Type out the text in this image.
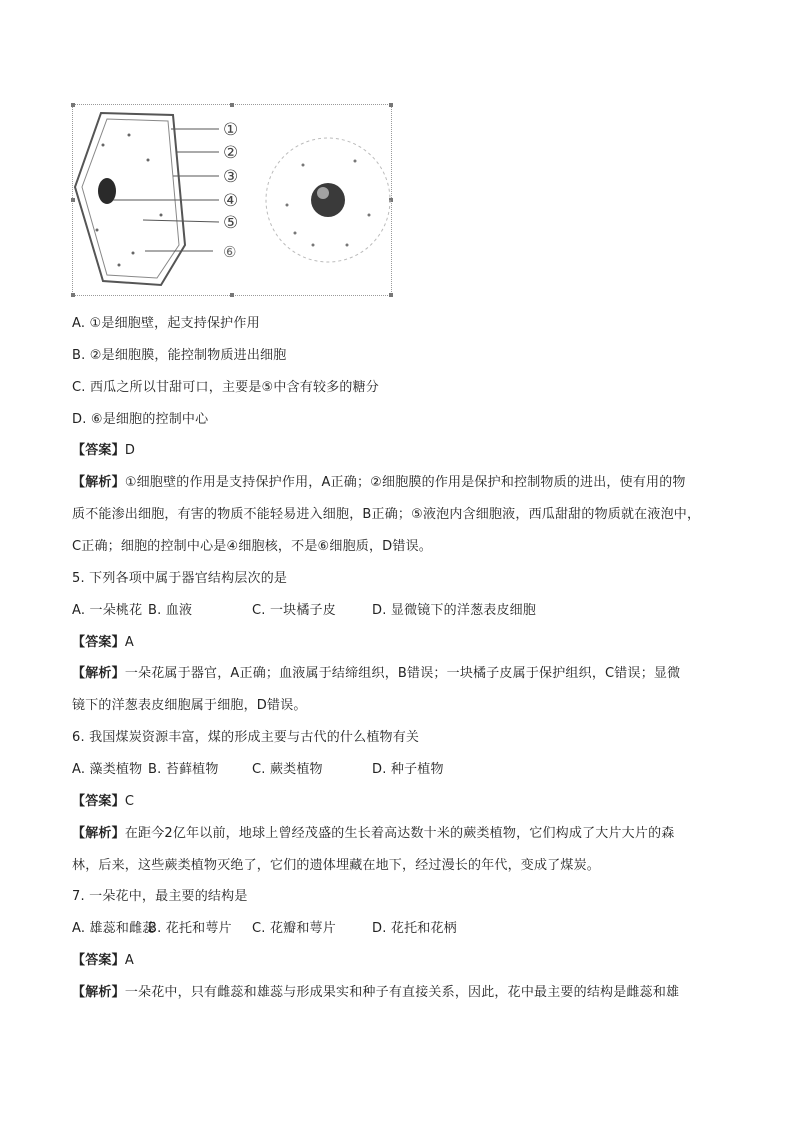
①
②
③
④
⑤
⑥
A. ①是细胞壁，起支持保护作用
B. ②是细胞膜，能控制物质进出细胞
C. 西瓜之所以甘甜可口，主要是⑤中含有较多的糖分
D. ⑥是细胞的控制中心
【答案】D
【解析】①细胞壁的作用是支持保护作用，A正确；②细胞膜的作用是保护和控制物质的进出，使有用的物
质不能渗出细胞，有害的物质不能轻易进入细胞，B正确；⑤液泡内含细胞液，西瓜甜甜的物质就在液泡中，
C正确；细胞的控制中心是④细胞核，不是⑥细胞质，D错误。
5. 下列各项中属于器官结构层次的是
A. 一朵桃花 B. 血液	C. 一块橘子皮	D. 显微镜下的洋葱表皮细胞
【答案】A
【解析】一朵花属于器官，A正确；血液属于结缔组织，B错误；一块橘子皮属于保护组织，C错误；显微
镜下的洋葱表皮细胞属于细胞，D错误。
6. 我国煤炭资源丰富，煤的形成主要与古代的什么植物有关
A. 藻类植物 B. 苔藓植物	C. 蕨类植物	D. 种子植物
【答案】C
【解析】在距今2亿年以前，地球上曾经茂盛的生长着高达数十米的蕨类植物，它们构成了大片大片的森
林，后来，这些蕨类植物灭绝了，它们的遗体埋藏在地下，经过漫长的年代，变成了煤炭。
7. 一朵花中，最主要的结构是
A. 雄蕊和雌蕊
B. 花托和萼片 C. 花瓣和萼片	D. 花托和花柄
【答案】A
【解析】一朵花中，只有雌蕊和雄蕊与形成果实和种子有直接关系，因此，花中最主要的结构是雌蕊和雄
